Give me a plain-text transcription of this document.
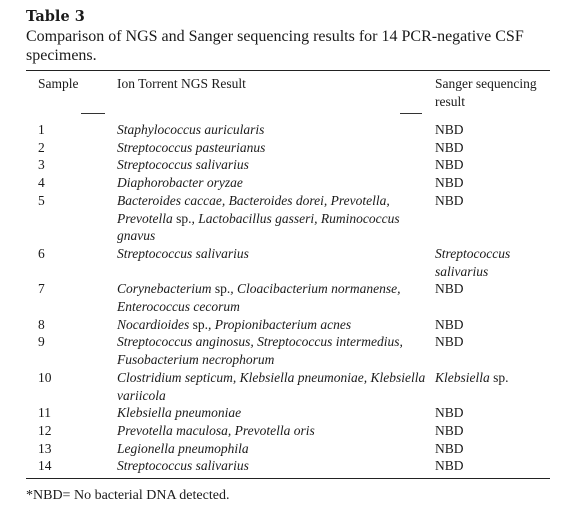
Table 3
Comparison of NGS and Sanger sequencing results for 14 PCR-negative CSF specimens.
Sample	Ion Torrent NGS Result	Sanger sequencing result

1	Staphylococcus auricularis	NBD
2	Streptococcus pasteurianus	NBD
3	Streptococcus salivarius	NBD
4	Diaphorobacter oryzae	NBD
5	Bacteroides caccae, Bacteroides dorei, Prevotella, Prevotella sp., Lactobacillus gasseri, Ruminococcus gnavus	NBD
6	Streptococcus salivarius	Streptococcus salivarius
7	Corynebacterium sp., Cloacibacterium normanense, Enterococcus cecorum	NBD
8	Nocardioides sp., Propionibacterium acnes	NBD
9	Streptococcus anginosus, Streptococcus intermedius, Fusobacterium necrophorum	NBD
10	Clostridium septicum, Klebsiella pneumoniae, Klebsiella variicola	Klebsiella sp.
11	Klebsiella pneumoniae	NBD
12	Prevotella maculosa, Prevotella oris	NBD
13	Legionella pneumophila	NBD
14	Streptococcus salivarius	NBD
*NBD= No bacterial DNA detected.
